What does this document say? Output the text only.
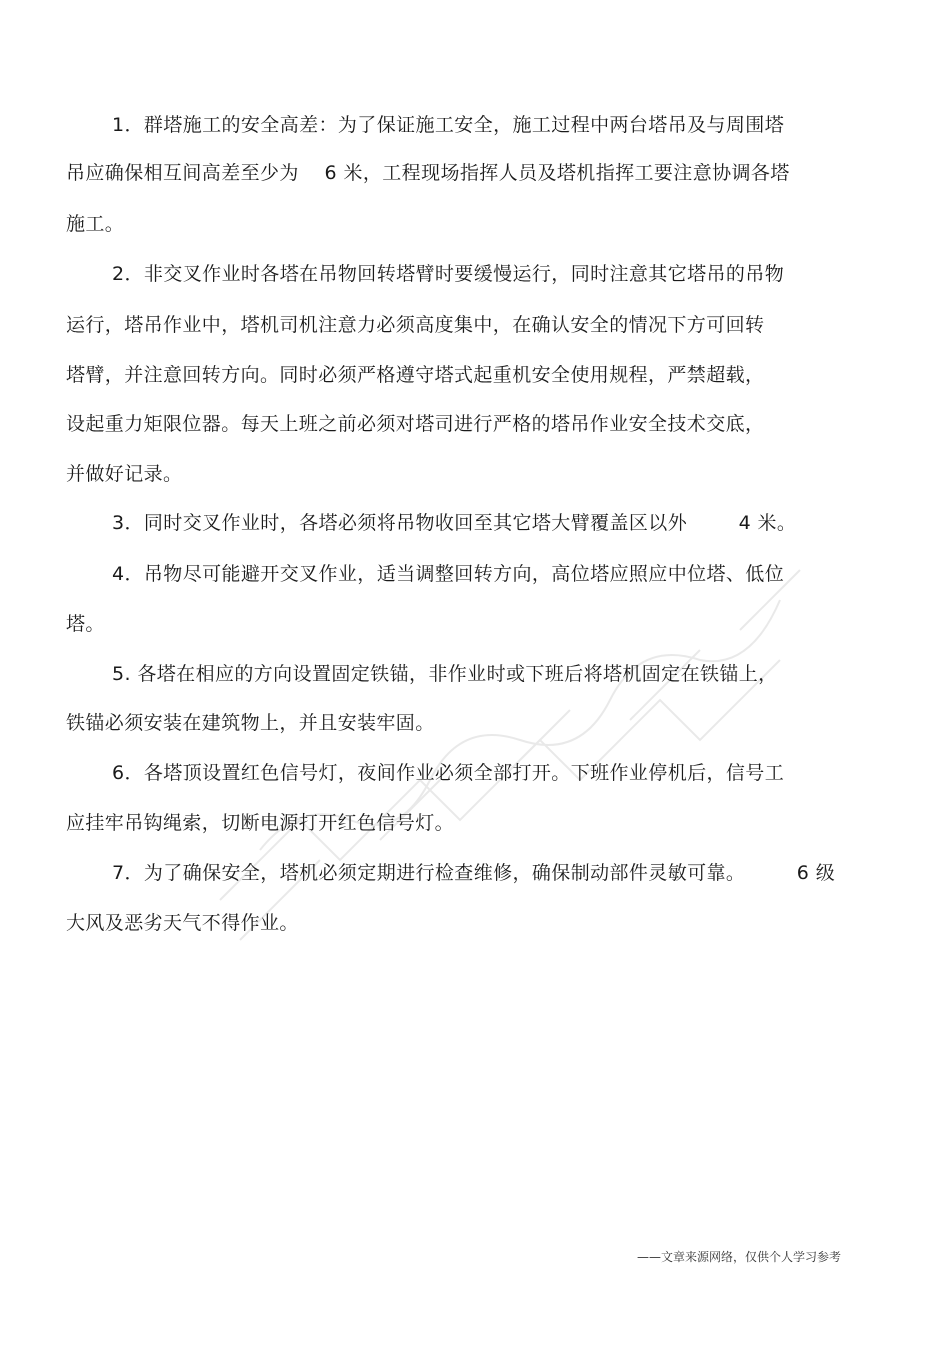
1．群塔施工的安全高差：为了保证施工安全，施工过程中两台塔吊及与周围塔
吊应确保相互间高差至少为    6 米，工程现场指挥人员及塔机指挥工要注意协调各塔
施工。
2．非交叉作业时各塔在吊物回转塔臂时要缓慢运行，同时注意其它塔吊的吊物
运行，塔吊作业中，塔机司机注意力必须高度集中，在确认安全的情况下方可回转
塔臂，并注意回转方向。同时必须严格遵守塔式起重机安全使用规程，严禁超载，
设起重力矩限位器。每天上班之前必须对塔司进行严格的塔吊作业安全技术交底，
并做好记录。
3．同时交叉作业时，各塔必须将吊物收回至其它塔大臂覆盖区以外        4 米。
4．吊物尽可能避开交叉作业，适当调整回转方向，高位塔应照应中位塔、低位
塔。
5. 各塔在相应的方向设置固定铁锚，非作业时或下班后将塔机固定在铁锚上，
铁锚必须安装在建筑物上，并且安装牢固。
6．各塔顶设置红色信号灯，夜间作业必须全部打开。下班作业停机后，信号工
应挂牢吊钩绳索，切断电源打开红色信号灯。
7．为了确保安全，塔机必须定期进行检查维修，确保制动部件灵敏可靠。        6 级
大风及恶劣天气不得作业。
——文章来源网络，仅供个人学习参考
